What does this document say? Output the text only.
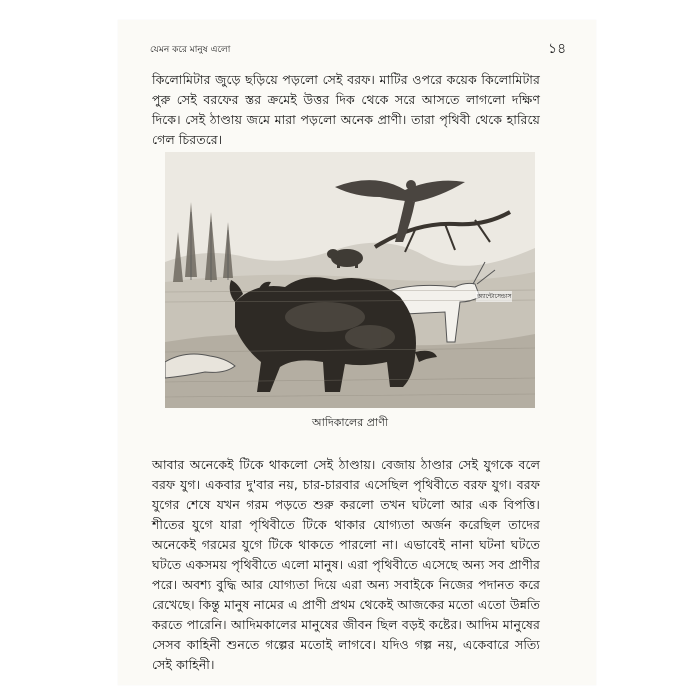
যেমন করে মানুষ এলো	১৪

কিলোমিটার জুড়ে ছড়িয়ে পড়লো সেই বরফ। মাটির ওপরে কয়েক কিলোমিটার পুরু সেই বরফের স্তর ক্রমেই উত্তর দিক থেকে সরে আসতে লাগলো দক্ষিণ দিকে। সেই ঠাণ্ডায় জমে মারা পড়লো অনেক প্রাণী। তারা পৃথিবী থেকে হারিয়ে গেল চিরতরে।

অ্যান্টোসেন্ডাস
আদিকালের প্রাণী

আবার অনেকেই টিকে থাকলো সেই ঠাণ্ডায়। বেজায় ঠাণ্ডার সেই যুগকে বলে বরফ যুগ। একবার দু'বার নয়, চার-চারবার এসেছিল পৃথিবীতে বরফ যুগ। বরফ যুগের শেষে যখন গরম পড়তে শুরু করলো তখন ঘটলো আর এক বিপত্তি। শীতের যুগে যারা পৃথিবীতে টিকে থাকার যোগ্যতা অর্জন করেছিল তাদের অনেকেই গরমের যুগে টিকে থাকতে পারলো না। এভাবেই নানা ঘটনা ঘটতে ঘটতে একসময় পৃথিবীতে এলো মানুষ। এরা পৃথিবীতে এসেছে অন্য সব প্রাণীর পরে। অবশ্য বুদ্ধি আর যোগ্যতা দিয়ে এরা অন্য সবাইকে নিজের পদানত করে রেখেছে। কিন্তু মানুষ নামের এ প্রাণী প্রথম থেকেই আজকের মতো এতো উন্নতি করতে পারেনি। আদিমকালের মানুষের জীবন ছিল বড়ই কষ্টের। আদিম মানুষের সেসব কাহিনী শুনতে গল্পের মতোই লাগবে। যদিও গল্প নয়, একেবারে সত্যি সেই কাহিনী।
